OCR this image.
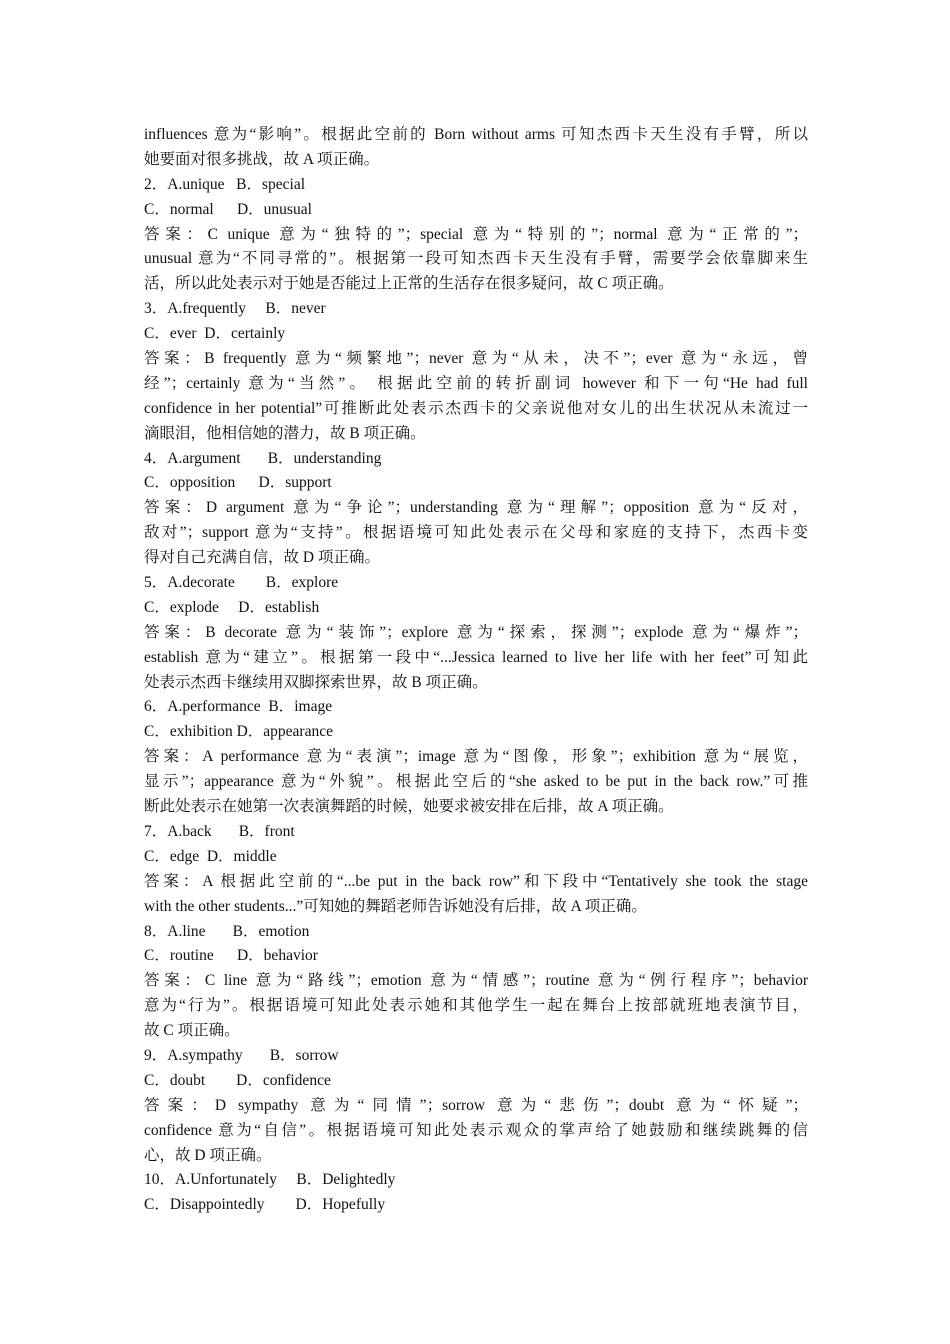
influences 意为“影响”。根据此空前的 Born without arms 可知杰西卡天生没有手臂，所以
她要面对很多挑战，故 A 项正确。
2．A.unique   B．special
C．normal      D．unusual
答案：C unique 意为“独特的”；special 意为“特别的”；normal 意为“正常的”；
unusual 意为“不同寻常的”。根据第一段可知杰西卡天生没有手臂，需要学会依靠脚来生
活，所以此处表示对于她是否能过上正常的生活存在很多疑问，故 C 项正确。
3．A.frequently     B．never
C．ever  D．certainly
答案：B frequently 意为“频繁地”；never 意为“从未，决不”；ever 意为“永远，曾
经”；certainly 意为“当然”。 根据此空前的转折副词 however 和下一句“He had full
confidence in her potential”可推断此处表示杰西卡的父亲说他对女儿的出生状况从未流过一
滴眼泪，他相信她的潜力，故 B 项正确。
4．A.argument       B．understanding
C．opposition      D．support
答案：D argument 意为“争论”；understanding 意为“理解”；opposition 意为“反对，
敌对”；support 意为“支持”。根据语境可知此处表示在父母和家庭的支持下，杰西卡变
得对自己充满自信，故 D 项正确。
5．A.decorate        B．explore
C．explode     D．establish
答案：B decorate 意为“装饰”；explore 意为“探索，探测”；explode 意为“爆炸”；
establish 意为“建立”。根据第一段中“...Jessica learned to live her life with her feet”可知此
处表示杰西卡继续用双脚探索世界，故 B 项正确。
6．A.performance  B．image
C．exhibition D．appearance
答案：A performance 意为“表演”；image 意为“图像，形象”；exhibition 意为“展览，
显示”；appearance 意为“外貌”。根据此空后的“she asked to be put in the back row.”可推
断此处表示在她第一次表演舞蹈的时候，她要求被安排在后排，故 A 项正确。
7．A.back       B．front
C．edge  D．middle
答案：A 根据此空前的“...be put in the back row”和下段中“Tentatively she took the stage
with the other students...”可知她的舞蹈老师告诉她没有后排，故 A 项正确。
8．A.line       B．emotion
C．routine      D．behavior
答案：C line 意为“路线”；emotion 意为“情感”；routine 意为“例行程序”；behavior
意为“行为”。根据语境可知此处表示她和其他学生一起在舞台上按部就班地表演节目，
故 C 项正确。
9．A.sympathy       B．sorrow
C．doubt        D．confidence
答案：D sympathy 意为“同情”；sorrow 意为“悲伤”；doubt 意为“怀疑”；
confidence 意为“自信”。根据语境可知此处表示观众的掌声给了她鼓励和继续跳舞的信
心，故 D 项正确。
10．A.Unfortunately     B．Delightedly
C．Disappointedly        D．Hopefully
